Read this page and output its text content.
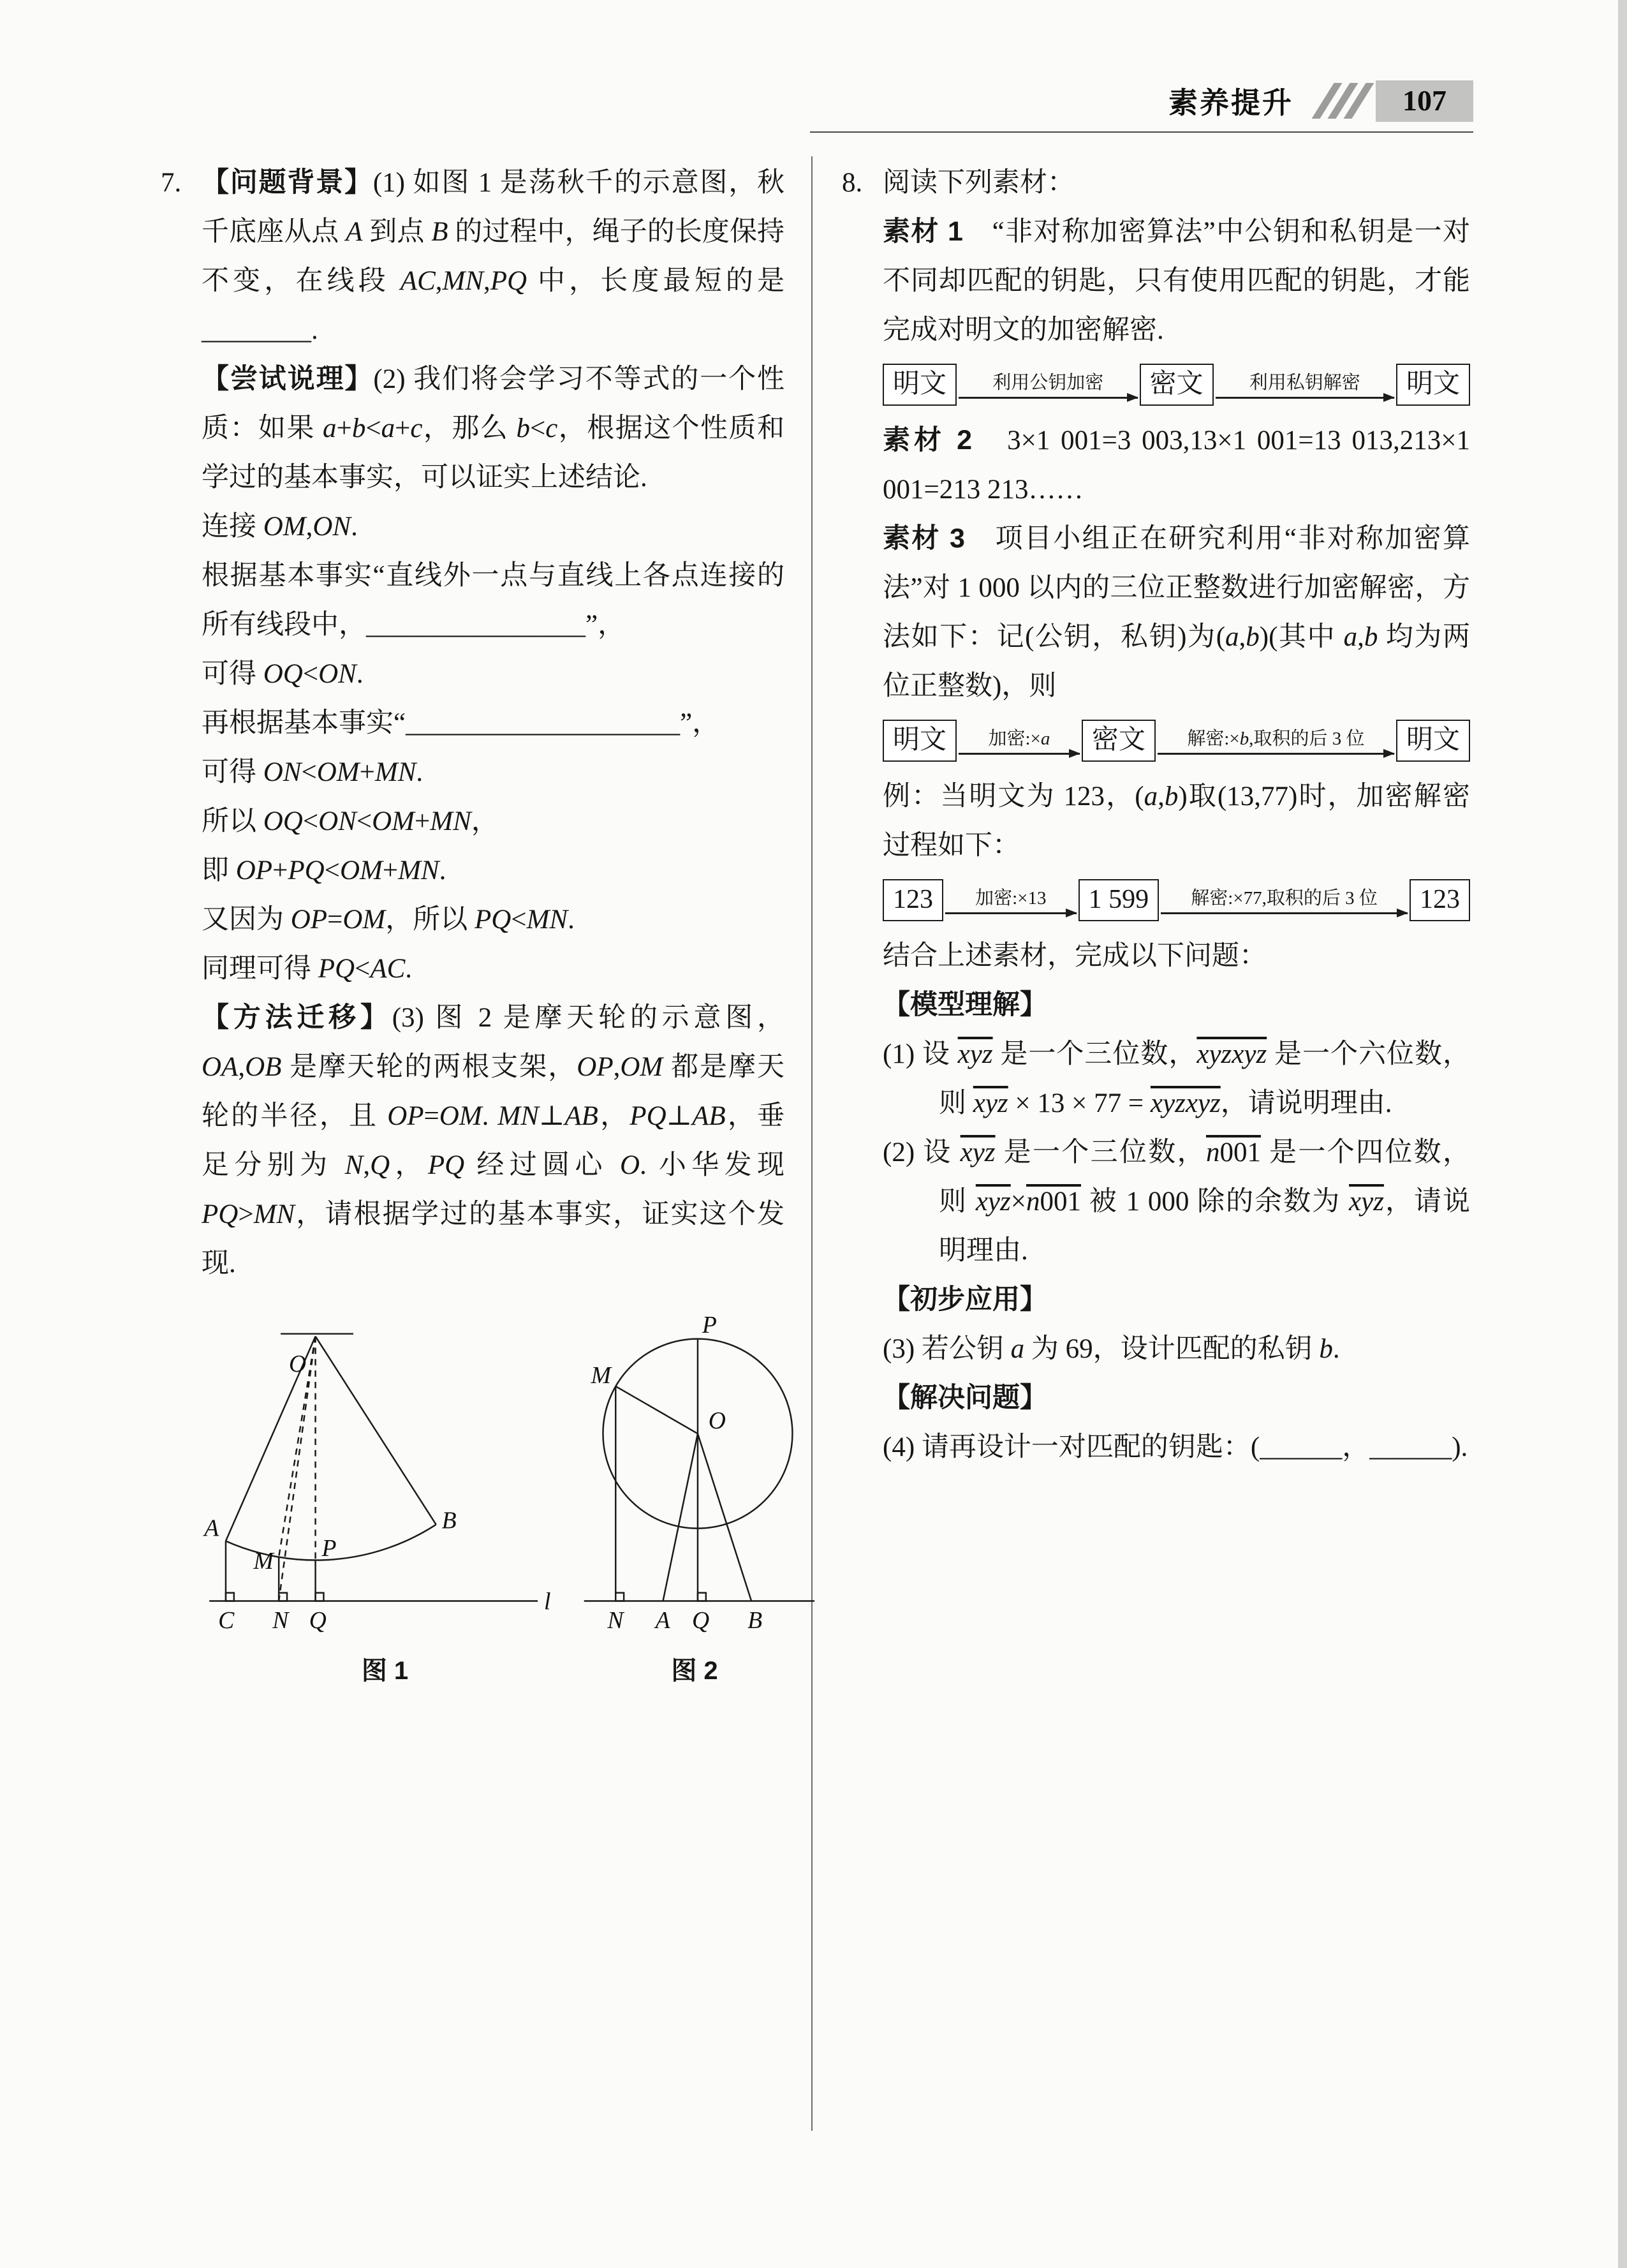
素养提升	107
7. 【问题背景】(1) 如图 1 是荡秋千的示意图，秋千底座从点 A 到点 B 的过程中，绳子的长度保持不变，在线段 AC,MN,PQ 中，长度最短的是________.

【尝试说理】(2) 我们将会学习不等式的一个性质：如果 a+b<a+c，那么 b<c，根据这个性质和学过的基本事实，可以证实上述结论.

连接 OM,ON.

根据基本事实“直线外一点与直线上各点连接的所有线段中，________________”，

可得 OQ<ON.

再根据基本事实“____________________”，

可得 ON<OM+MN.

所以 OQ<ON<OM+MN，

即 OP+PQ<OM+MN.

又因为 OP=OM，所以 PQ<MN.

同理可得 PQ<AC.

【方法迁移】(3) 图 2 是摩天轮的示意图，OA,OB 是摩天轮的两根支架，OP,OM 都是摩天轮的半径，且 OP=OM. MN⊥AB，PQ⊥AB，垂足分别为 N,Q，PQ 经过圆心 O. 小华发现 PQ>MN，请根据学过的基本事实，证实这个发现.

O
A	B
M P
C N Q
l
图 1
P
M
O
N A Q B
图 2
8. 阅读下列素材：

素材 1　“非对称加密算法”中公钥和私钥是一对不同却匹配的钥匙，只有使用匹配的钥匙，才能完成对明文的加密解密.

明文	利用公钥加密	密文	利用私钥解密	明文

素材 2　3×1 001=3 003,13×1 001=13 013,213×1 001=213 213……

素材 3　项目小组正在研究利用“非对称加密算法”对 1 000 以内的三位正整数进行加密解密，方法如下：记(公钥，私钥)为(a,b)(其中 a,b 均为两位正整数)，则

明文	加密:×a	密文	解密:×b,取积的后 3 位	明文

例：当明文为 123，(a,b)取(13,77)时，加密解密过程如下：

123	加密:×13	1 599	解密:×77,取积的后 3 位	123

结合上述素材，完成以下问题：

【模型理解】

(1) 设 $\overline{xyz}$ 是一个三位数，xyzxyz 是一个六位数，则 $\overline{xyz} \times 13 \times 77$ = xyzxyz，请说明理由.

(2) 设 $\overline{xyz}$ 是一个三位数，n001 是一个四位数，则 $\overline{xyz}\times n001$ 被 1 000 除的余数为 $\overline{xyz}$，请说明理由.

【初步应用】

(3) 若公钥 a 为 69，设计匹配的私钥 b.

【解决问题】

(4) 请再设计一对匹配的钥匙：(______，______).
